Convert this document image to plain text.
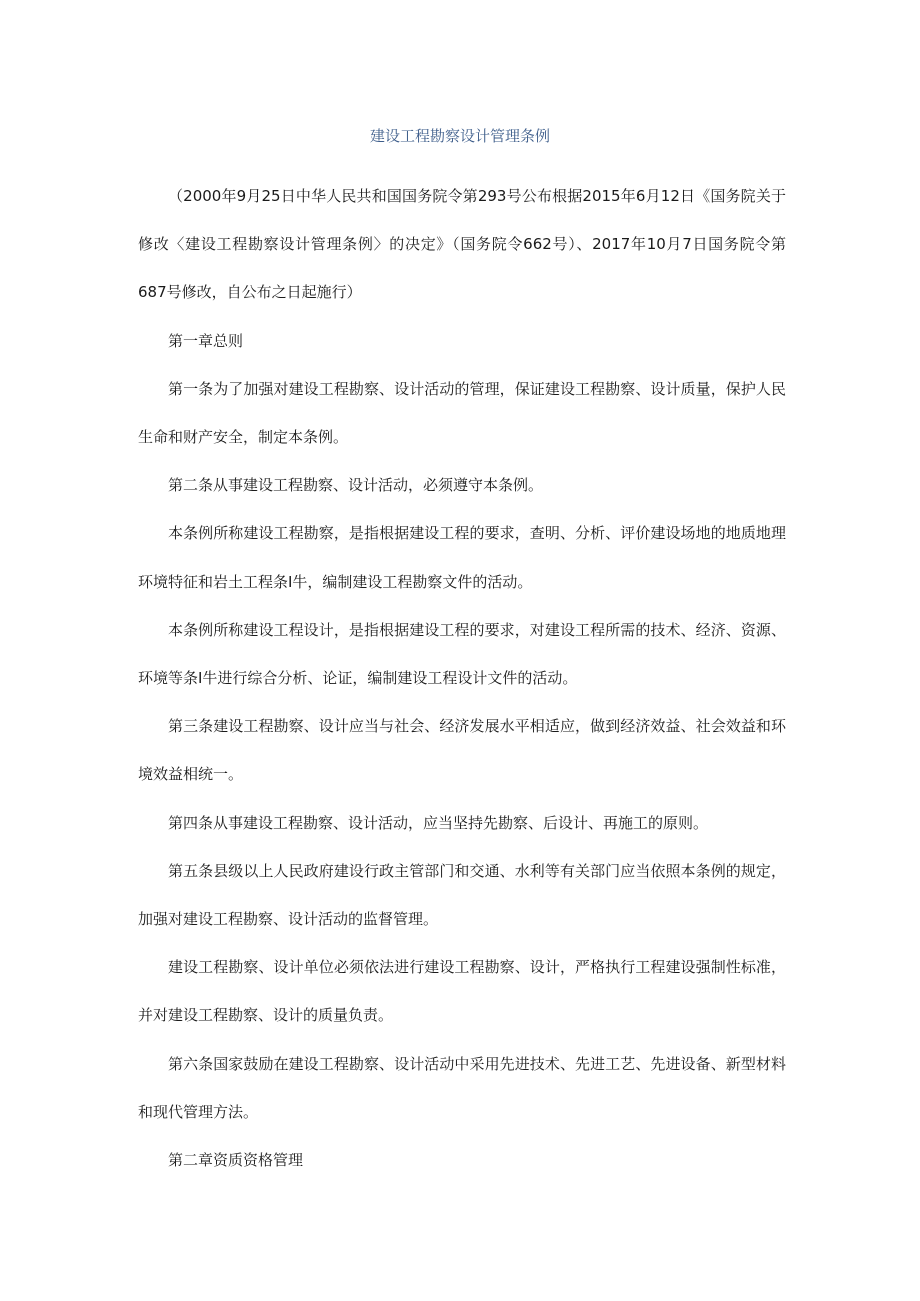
建设工程勘察设计管理条例

（2000年9月25日中华人民共和国国务院令第293号公布根据2015年6月12日《国务院关于修改〈建设工程勘察设计管理条例〉的决定》（国务院令662号）、2017年10月7日国务院令第687号修改，自公布之日起施行）

第一章总则

第一条为了加强对建设工程勘察、设计活动的管理，保证建设工程勘察、设计质量，保护人民生命和财产安全，制定本条例。

第二条从事建设工程勘察、设计活动，必须遵守本条例。

本条例所称建设工程勘察，是指根据建设工程的要求，查明、分析、评价建设场地的地质地理环境特征和岩土工程条I牛，编制建设工程勘察文件的活动。

本条例所称建设工程设计，是指根据建设工程的要求，对建设工程所需的技术、经济、资源、环境等条I牛进行综合分析、论证，编制建设工程设计文件的活动。

第三条建设工程勘察、设计应当与社会、经济发展水平相适应，做到经济效益、社会效益和环境效益相统一。

第四条从事建设工程勘察、设计活动，应当坚持先勘察、后设计、再施工的原则。

第五条县级以上人民政府建设行政主管部门和交通、水利等有关部门应当依照本条例的规定，加强对建设工程勘察、设计活动的监督管理。

建设工程勘察、设计单位必须依法进行建设工程勘察、设计，严格执行工程建设强制性标准，并对建设工程勘察、设计的质量负责。

第六条国家鼓励在建设工程勘察、设计活动中采用先进技术、先进工艺、先进设备、新型材料和现代管理方法。

第二章资质资格管理
